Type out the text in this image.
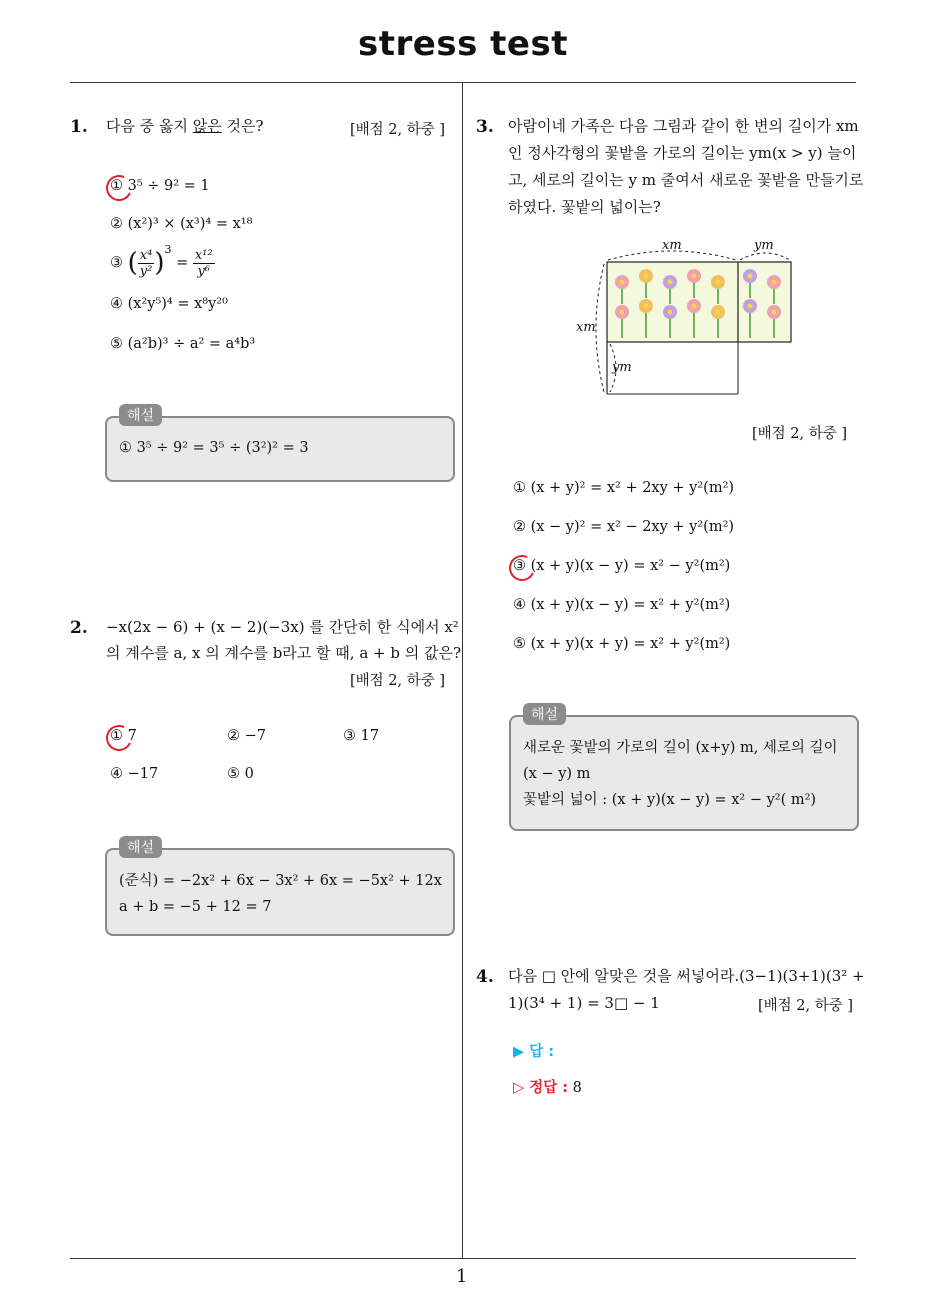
stress test
1
1. 다음 중 옳지 않은 것은?	[배점 2, 하중 ]
① 3⁵ ÷ 9² = 1
② (x²)³ × (x³)⁴ = x¹⁸
③ ( $\frac{\text{x⁴}}{\text{y²}} )^3 = \frac{\text{x¹²}}{\text{y⁶}}$
④ (x²y⁵)⁴ = x⁸y²⁰
⑤ (a²b)³ ÷ a² = a⁴b³
① 3⁵ ÷ 9² = 3⁵ ÷ (3²)² = 3
해설
2. −x(2x − 6) + (x − 2)(−3x) 를 간단히 한 식에서 x²
의 계수를 a, x 의 계수를 b라고 할 때, a + b 의 값은?
[배점 2, 하중 ]
① 7	② −7	③ 17
④ −17	⑤ 0
(준식) = −2x² + 6x − 3x² + 6x = −5x² + 12x
a + b = −5 + 12 = 7
해설
3. 아람이네 가족은 다음 그림과 같이 한 변의 길이가 xm
인 정사각형의 꽃밭을 가로의 길이는 ym(x > y) 늘이
고, 세로의 길이는 y m 줄여서 새로운 꽃밭을 만들기로
하였다. 꽃밭의 넓이는?
xm	ym
xm
ym
[배점 2, 하중 ]
① (x + y)² = x² + 2xy + y²(m²)
② (x − y)² = x² − 2xy + y²(m²)
③ (x + y)(x − y) = x² − y²(m²)
④ (x + y)(x − y) = x² + y²(m²)
⑤ (x + y)(x + y) = x² + y²(m²)
새로운 꽃밭의 가로의 길이 (x+y) m, 세로의 길이
(x − y) m
꽃밭의 넓이 : (x + y)(x − y) = x² − y²( m²)
해설
4. 다음 □ 안에 알맞은 것을 써넣어라.(3−1)(3+1)(3² +
1)(3⁴ + 1) = 3□ − 1	[배점 2, 하중 ]
▶ 답 :
▷ 정답 : 8
